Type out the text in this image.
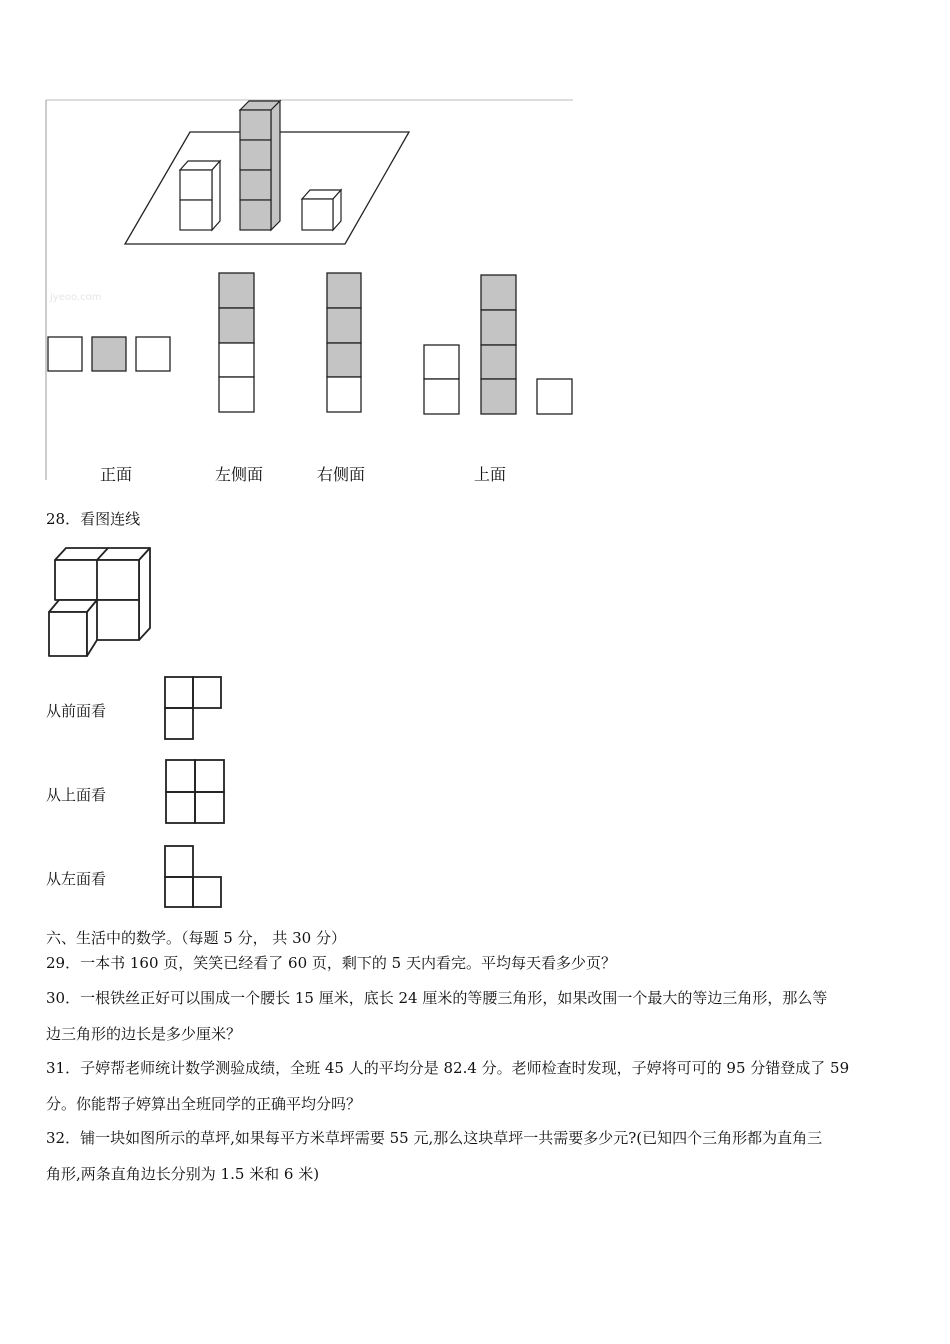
jyeoo.com
正面	左侧面	右侧面	上面
28．看图连线
从前面看
从上面看
从左面看
六、生活中的数学。（每题 5 分， 共 30 分）
29．一本书 160 页，笑笑已经看了 60 页，剩下的 5 天内看完。平均每天看多少页？
30．一根铁丝正好可以围成一个腰长 15 厘米，底长 24 厘米的等腰三角形，如果改围一个最大的等边三角形，那么等
边三角形的边长是多少厘米？
31．子婷帮老师统计数学测验成绩，全班 45 人的平均分是 82.4 分。老师检查时发现，子婷将可可的 95 分错登成了 59
分。你能帮子婷算出全班同学的正确平均分吗？
32．铺一块如图所示的草坪,如果每平方米草坪需要 55 元,那么这块草坪一共需要多少元?(已知四个三角形都为直角三
角形,两条直角边长分别为 1.5 米和 6 米)
